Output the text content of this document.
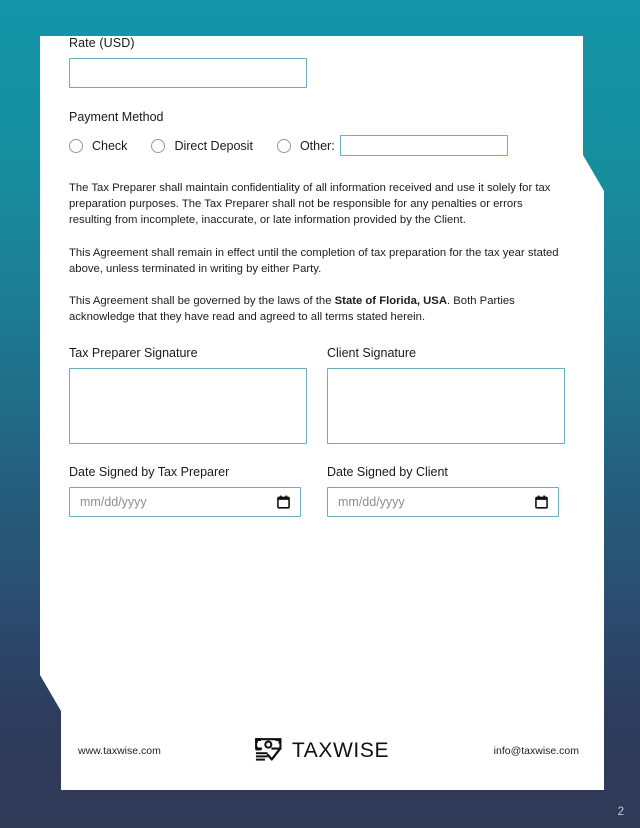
Rate (USD)
Payment Method
Check	Direct Deposit	Other:

The Tax Preparer shall maintain confidentiality of all information received and use it solely for tax preparation purposes. The Tax Preparer shall not be responsible for any penalties or errors resulting from incomplete, inaccurate, or late information provided by the Client.

This Agreement shall remain in effect until the completion of tax preparation for the tax year stated above, unless terminated in writing by either Party.

This Agreement shall be governed by the laws of the State of Florida, USA. Both Parties acknowledge that they have read and agreed to all terms stated herein.

Tax Preparer Signature	Client Signature
Date Signed by Tax Preparer
mm/dd/yyyy
Date Signed by Client
mm/dd/yyyy
www.taxwise.com	TAXWISE	info@taxwise.com
2
